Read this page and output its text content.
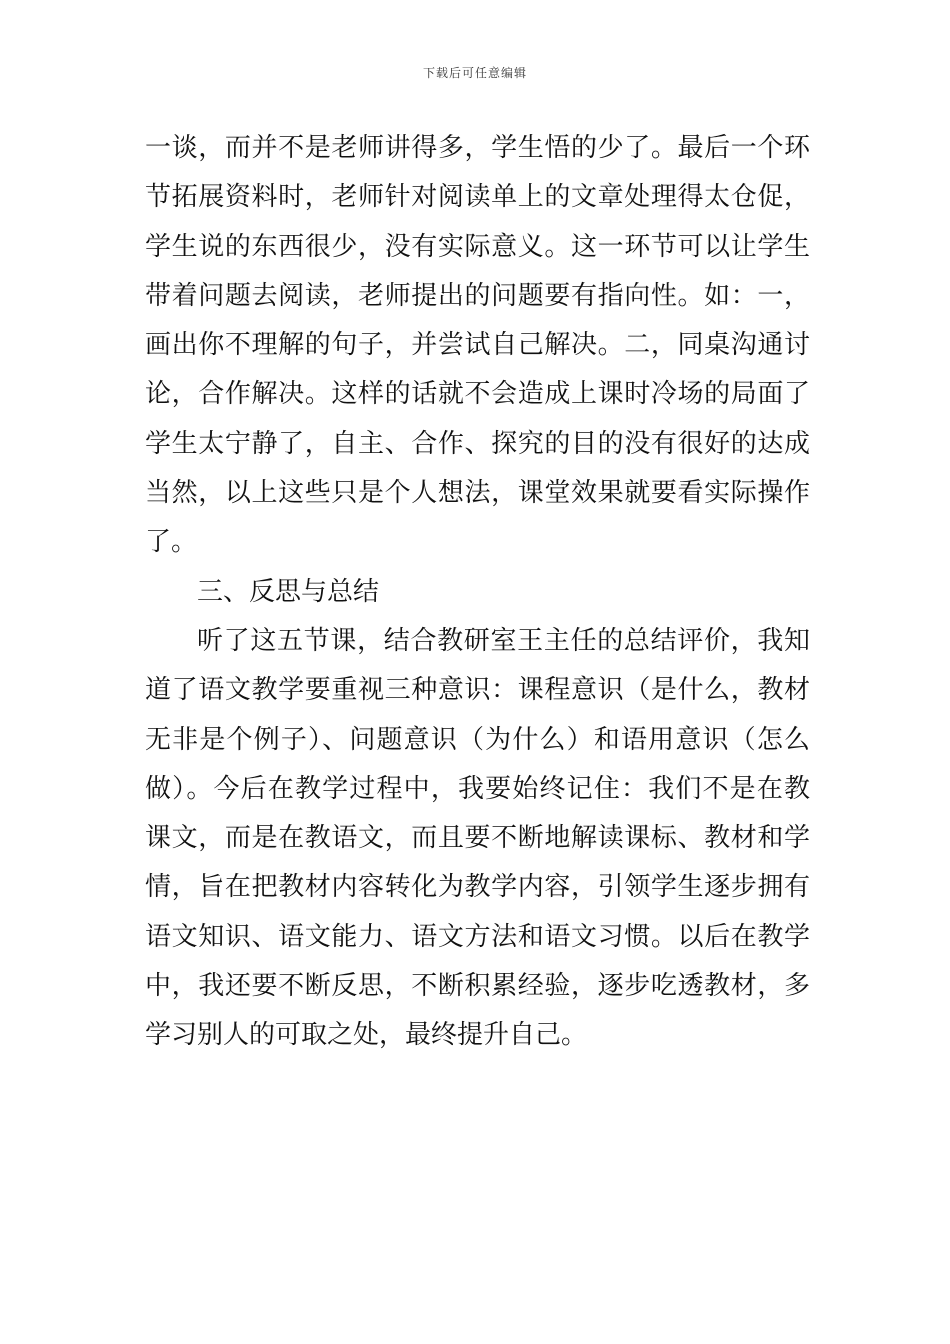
下载后可任意编辑
一谈，而并不是老师讲得多，学生悟的少了。最后一个环
节拓展资料时，老师针对阅读单上的文章处理得太仓促，
学生说的东西很少，没有实际意义。这一环节可以让学生
带着问题去阅读，老师提出的问题要有指向性。如：一，
画出你不理解的句子，并尝试自己解决。二，同桌沟通讨
论，合作解决。这样的话就不会造成上课时冷场的局面了
学生太宁静了，自主、合作、探究的目的没有很好的达成
当然，以上这些只是个人想法，课堂效果就要看实际操作
了。
三、反思与总结
听了这五节课，结合教研室王主任的总结评价，我知
道了语文教学要重视三种意识：课程意识（是什么，教材
无非是个例子）、问题意识（为什么）和语用意识（怎么
做）。今后在教学过程中，我要始终记住：我们不是在教
课文，而是在教语文，而且要不断地解读课标、教材和学
情，旨在把教材内容转化为教学内容，引领学生逐步拥有
语文知识、语文能力、语文方法和语文习惯。以后在教学
中，我还要不断反思，不断积累经验，逐步吃透教材，多
学习别人的可取之处，最终提升自己。
